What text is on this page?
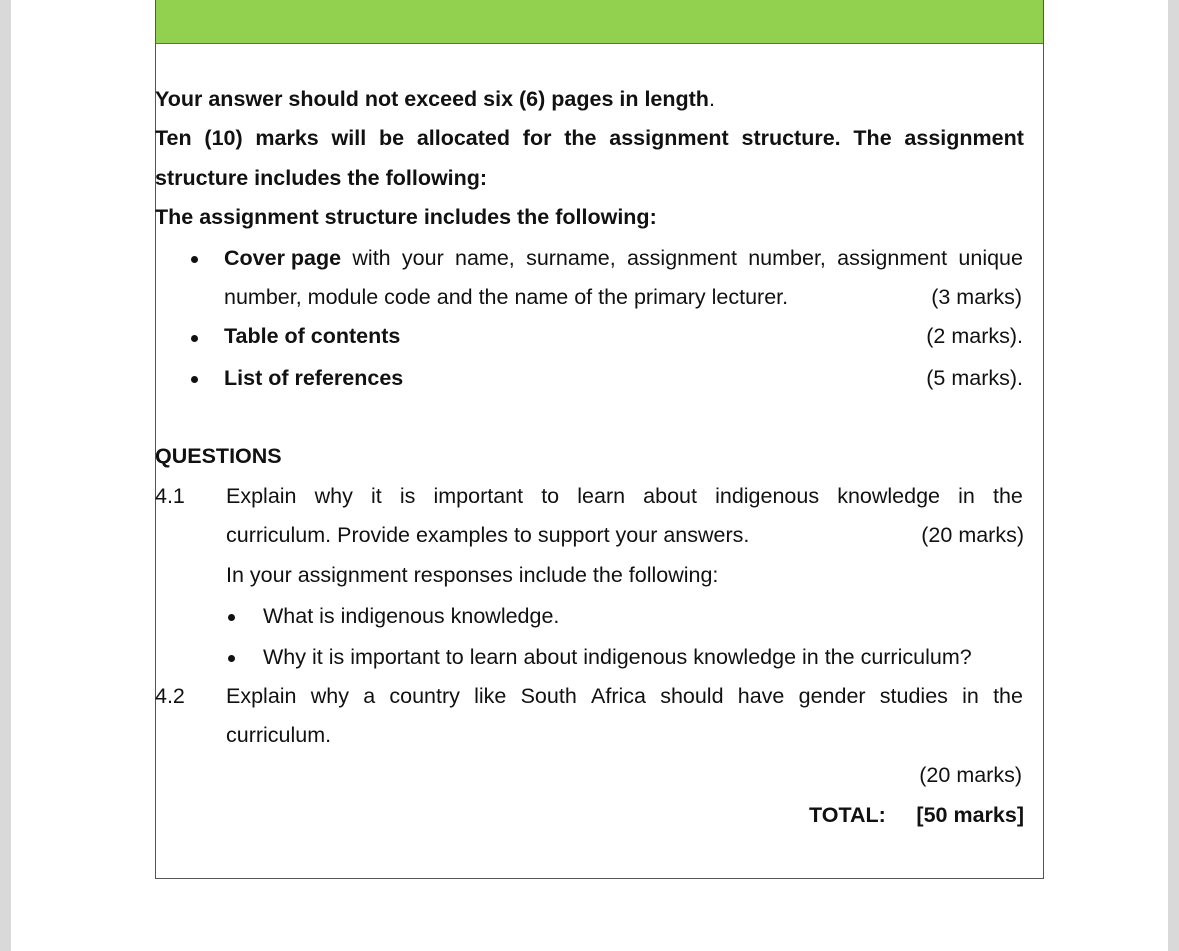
Your answer should not exceed six (6) pages in length.
Ten (10) marks will be allocated for the assignment structure. The assignment
structure includes the following:
The assignment structure includes the following:
Cover page with your name, surname, assignment number, assignment unique
number, module code and the name of the primary lecturer.	(3 marks)
Table of contents	(2 marks).
List of references	(5 marks).
QUESTIONS
4.1 Explain why it is important to learn about indigenous knowledge in the
curriculum. Provide examples to support your answers.	(20 marks)
In your assignment responses include the following:
What is indigenous knowledge.
Why it is important to learn about indigenous knowledge in the curriculum?
4.2 Explain why a country like South Africa should have gender studies in the
curriculum.
(20 marks)
TOTAL: [50 marks]
